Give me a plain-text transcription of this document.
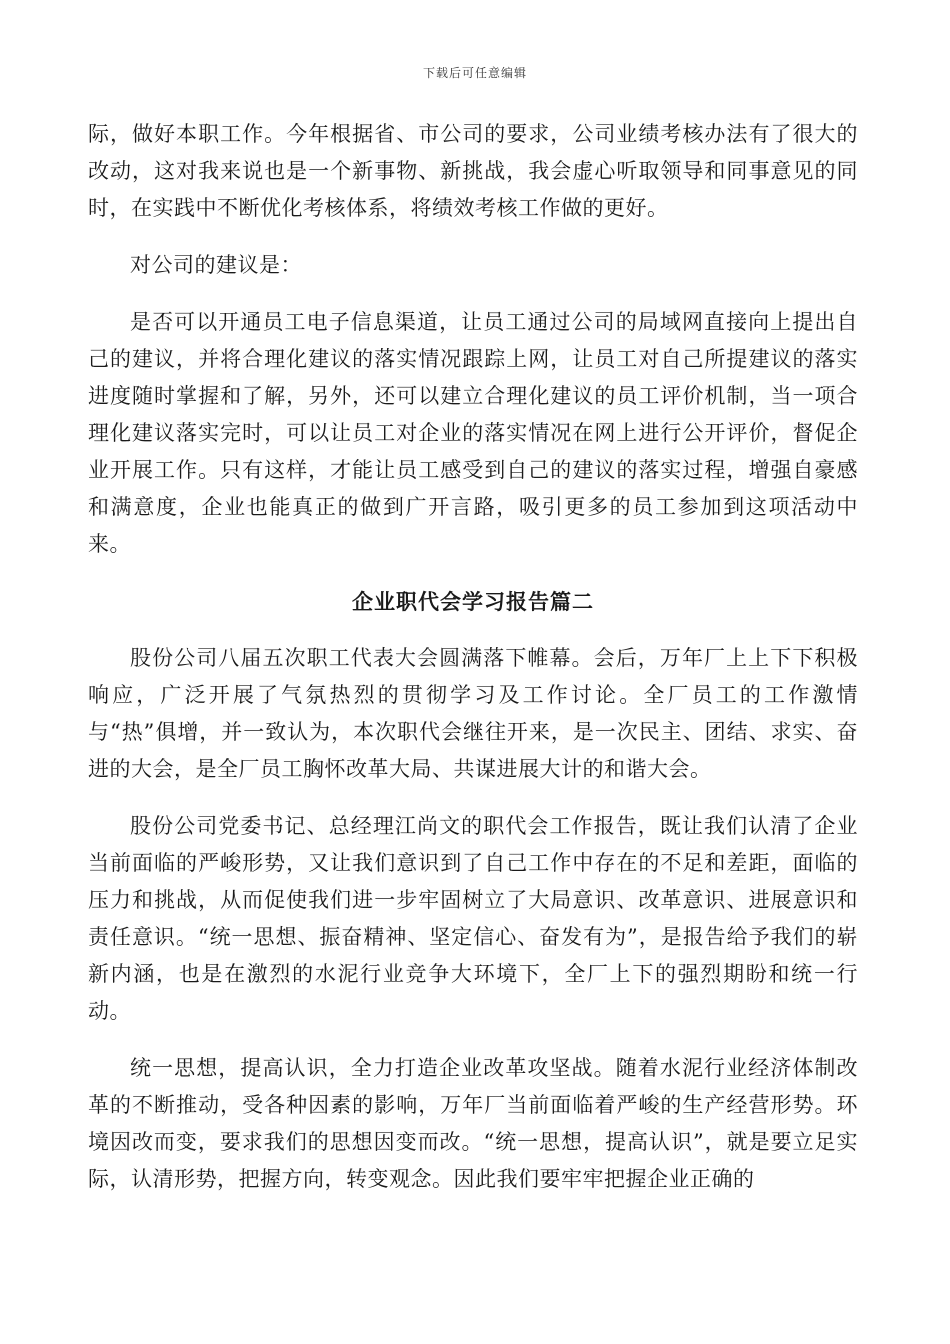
下载后可任意编辑

际，做好本职工作。今年根据省、市公司的要求，公司业绩考核办法有了很大的改动，这对我来说也是一个新事物、新挑战，我会虚心听取领导和同事意见的同时，在实践中不断优化考核体系，将绩效考核工作做的更好。

对公司的建议是：

是否可以开通员工电子信息渠道，让员工通过公司的局域网直接向上提出自己的建议，并将合理化建议的落实情况跟踪上网，让员工对自己所提建议的落实进度随时掌握和了解，另外，还可以建立合理化建议的员工评价机制，当一项合理化建议落实完时，可以让员工对企业的落实情况在网上进行公开评价，督促企业开展工作。只有这样，才能让员工感受到自己的建议的落实过程，增强自豪感和满意度，企业也能真正的做到广开言路，吸引更多的员工参加到这项活动中来。

企业职代会学习报告篇二

股份公司八届五次职工代表大会圆满落下帷幕。会后，万年厂上上下下积极响应，广泛开展了气氛热烈的贯彻学习及工作讨论。全厂员工的工作激情与“热”俱增，并一致认为，本次职代会继往开来，是一次民主、团结、求实、奋进的大会，是全厂员工胸怀改革大局、共谋进展大计的和谐大会。

股份公司党委书记、总经理江尚文的职代会工作报告，既让我们认清了企业当前面临的严峻形势，又让我们意识到了自己工作中存在的不足和差距，面临的压力和挑战，从而促使我们进一步牢固树立了大局意识、改革意识、进展意识和责任意识。“统一思想、振奋精神、坚定信心、奋发有为”，是报告给予我们的崭新内涵，也是在激烈的水泥行业竞争大环境下，全厂上下的强烈期盼和统一行动。

统一思想，提高认识，全力打造企业改革攻坚战。随着水泥行业经济体制改革的不断推动，受各种因素的影响，万年厂当前面临着严峻的生产经营形势。环境因改而变，要求我们的思想因变而改。“统一思想，提高认识”，就是要立足实际，认清形势，把握方向，转变观念。因此我们要牢牢把握企业正确的
